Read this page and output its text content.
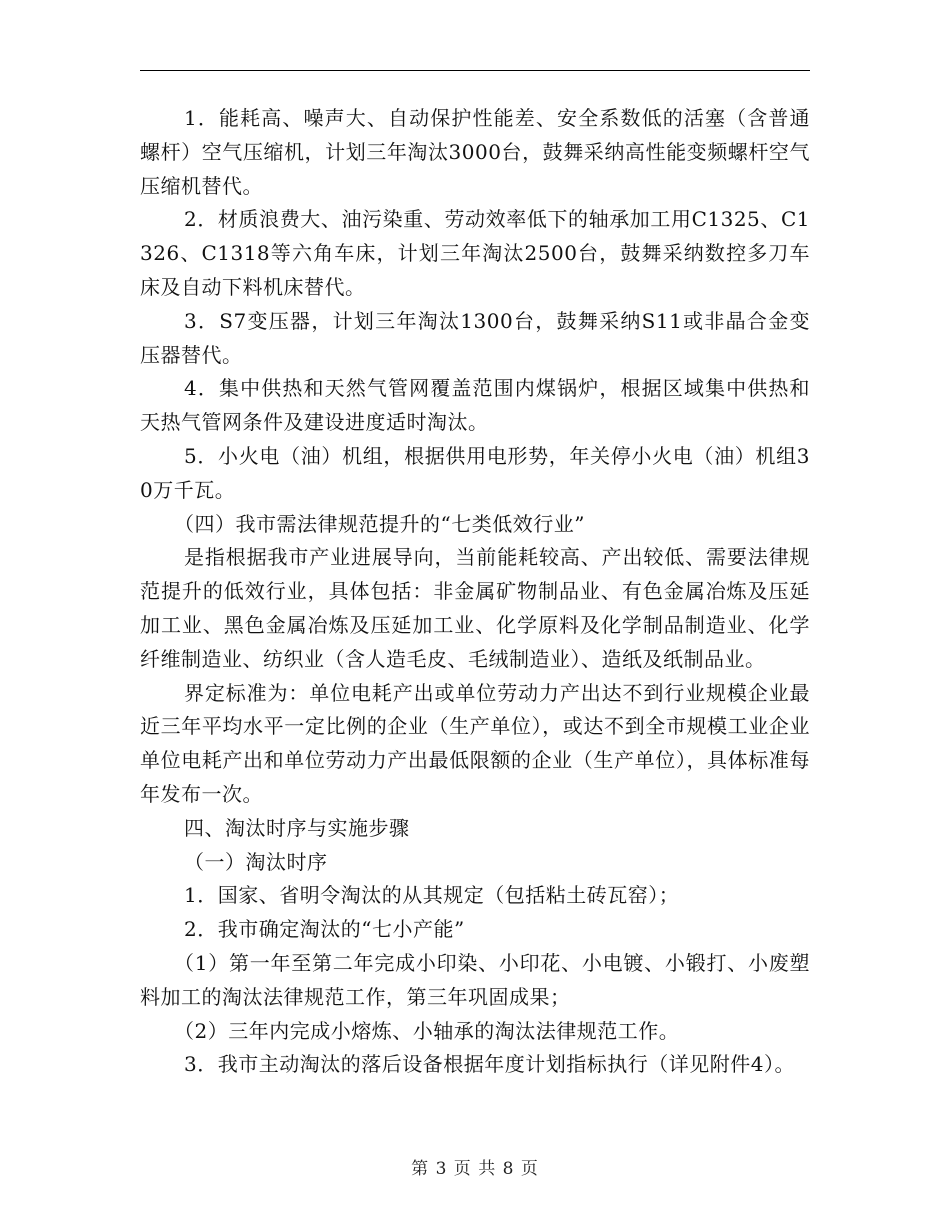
1．能耗高、噪声大、自动保护性能差、安全系数低的活塞（含普通螺杆）空气压缩机，计划三年淘汰3000台，鼓舞采纳高性能变频螺杆空气压缩机替代。

2．材质浪费大、油污染重、劳动效率低下的轴承加工用C1325、C1326、C1318等六角车床，计划三年淘汰2500台，鼓舞采纳数控多刀车床及自动下料机床替代。

3．S7变压器，计划三年淘汰1300台，鼓舞采纳S11或非晶合金变压器替代。

4．集中供热和天然气管网覆盖范围内煤锅炉，根据区域集中供热和天热气管网条件及建设进度适时淘汰。

5．小火电（油）机组，根据供用电形势，年关停小火电（油）机组30万千瓦。

（四）我市需法律规范提升的“七类低效行业”

是指根据我市产业进展导向，当前能耗较高、产出较低、需要法律规范提升的低效行业，具体包括：非金属矿物制品业、有色金属冶炼及压延加工业、黑色金属冶炼及压延加工业、化学原料及化学制品制造业、化学纤维制造业、纺织业（含人造毛皮、毛绒制造业）、造纸及纸制品业。

界定标准为：单位电耗产出或单位劳动力产出达不到行业规模企业最近三年平均水平一定比例的企业（生产单位），或达不到全市规模工业企业单位电耗产出和单位劳动力产出最低限额的企业（生产单位），具体标准每年发布一次。

四、淘汰时序与实施步骤

（一）淘汰时序

1．国家、省明令淘汰的从其规定（包括粘土砖瓦窑）；

2．我市确定淘汰的“七小产能”

（1）第一年至第二年完成小印染、小印花、小电镀、小锻打、小废塑料加工的淘汰法律规范工作，第三年巩固成果；

（2）三年内完成小熔炼、小轴承的淘汰法律规范工作。

3．我市主动淘汰的落后设备根据年度计划指标执行（详见附件4）。

第 3 页 共 8 页
